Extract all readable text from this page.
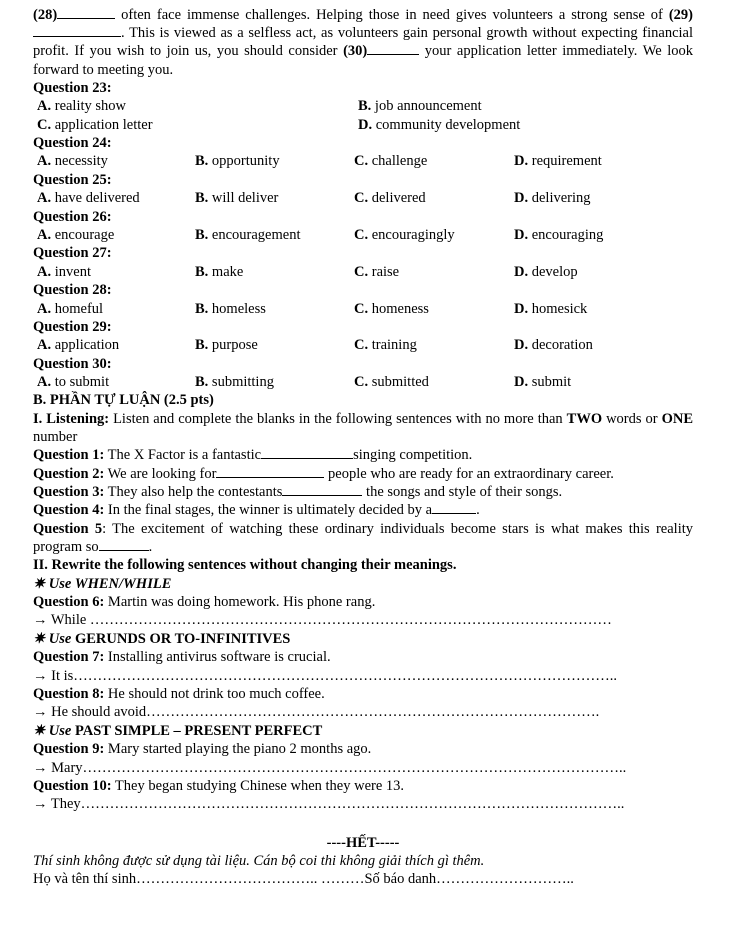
(28)	often face immense challenges. Helping those in need gives volunteers a strong sense of (29). This is viewed as a selfless act, as volunteers gain personal growth without expecting financial profit. If you wish to join us, you should consider (30)	your application letter immediately. We look forward to meeting you.
Question 23:
A. reality show	B. job announcement
C. application letter	D. community development
Question 24:
A. necessity	B. opportunity	C. challenge	D. requirement
Question 25:
A. have delivered	B. will deliver	C. delivered	D. delivering
Question 26:
A. encourage	B. encouragement	C. encouragingly	D. encouraging
Question 27:
A. invent	B. make	C. raise	D. develop
Question 28:
A. homeful	B. homeless	C. homeness	D. homesick
Question 29:
A. application	B. purpose	C. training	D. decoration
Question 30:
A. to submit	B. submitting	C. submitted	D. submit
B. PHẦN TỰ LUẬN (2.5 pts)
I. Listening: Listen and complete the blanks in the following sentences with no more than TWO words or ONE number
Question 1: The X Factor is a fantastic	singing competition.
Question 2: We are looking for	people who are ready for an extraordinary career.
Question 3: They also help the contestants	the songs and style of their songs.
Question 4: In the final stages, the winner is ultimately decided by a	.
Question 5: The excitement of watching these ordinary individuals become stars is what makes this reality program so	.
II. Rewrite the following sentences without changing their meanings.
✷ Use WHEN/WHILE
Question 6: Martin was doing homework. His phone rang.
→ While ………………………………………………………………………………………………
✷ Use GERUNDS OR TO-INFINITIVES
Question 7: Installing antivirus software is crucial.
→ It is…………………………………………………………………………………………………..
Question 8: He should not drink too much coffee.
→ He should avoid………………………………………………………………………………….
✷ Use PAST SIMPLE – PRESENT PERFECT
Question 9: Mary started playing the piano 2 months ago.
→ Mary…………………………………………………………………………………………………..
Question 10: They began studying Chinese when they were 13.
→ They…………………………………………………………………………………………………..
----HẾT-----
Thí sinh không được sử dụng tài liệu. Cán bộ coi thi không giải thích gì thêm.
Họ và tên thí sinh……………………………….. ………Số báo danh………………………..
